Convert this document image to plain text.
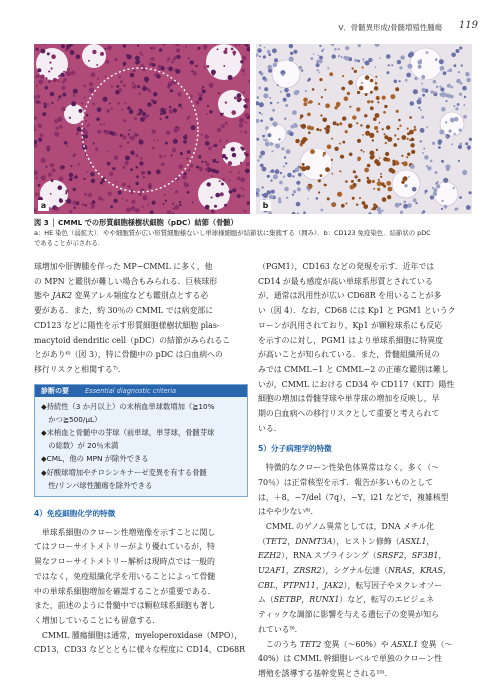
V．骨髄異形成/骨髄増殖性腫瘍 119
a	b
図 3 │ CMML での形質細胞様樹状細胞（pDC）結節（骨髄）
a：HE 染色（弱拡大）．やや細胞質が広い形質細胞様ないし単球様細胞が結節状に集簇する（囲み）．b：CD123 免疫染色．結節状の pDC
であることが示される．

球増加や肝脾腫を伴った MP−CMML に多く，他

の MPN と鑑別が難しい場合もみられる．巨核球形

態や JAK2 変異アレル頻度なども鑑別点とする必

要がある．また，約 30％の CMML では病変部に

CD123 などに陽性を示す形質細胞様樹状細胞 plas-

macytoid dendritic cell（pDC）の結節がみられるこ

とがあり⁶⁾（図 3），特に骨髄中の pDC は白血病への

移行リスクと相関する⁷⁾．

診断の要 Essential diagnostic criteria

◆持続性（3 か月以上）の末梢血単球数増加（≧10%

　かつ≧500/μL）

◆末梢血と骨髄中の芽球（前単球，単芽球，骨髄芽球

　の総数）が 20％未満

◆CML，他の MPN が除外できる

◆好酸球増加やチロシンキナーゼ変異を有する骨髄

　性/リンパ球性腫瘍を除外できる

4）免疫細胞化学的特徴

　単球系細胞のクローン性増殖像を示すことに関し

てはフローサイトメトリーがより優れているが，特

異なフローサイトメトリー解析は現時点では一般的

ではなく，免疫組織化学を用いることによって骨髄

中の単球系細胞増加を確認することが重要である．

また，前述のように骨髄中では顆粒球系細胞も著し

く増加していることにも留意する．

　CMML 腫瘍細胞は通常，myeloperoxidase（MPO），

CD13，CD33 などとともに様々な程度に CD14，CD68R

（PGM1），CD163 などの発現を示す．近年では

CD14 が最も感度が高い単球系形質とされている

が，通常は汎用性が広い CD68R を用いることが多

い（図 4）．なお，CD68 には Kp1 と PGM1 というク

ローンが汎用されており，Kp1 が顆粒球系にも反応

を示すのに対し，PGM1 はより単球系細胞に特異度

が高いことが知られている．また，骨髄組織所見の

みでは CMML−1 と CMML−2 の正確な鑑別は難し

いが，CMML における CD34 や CD117（KIT）陽性

細胞の増加は骨髄芽球や単芽球の増加を反映し，早

期の白血病への移行リスクとして重要と考えられて

いる．

5）分子病理学的特徴

　特徴的なクローン性染色体異常はなく，多く（〜

70％）は正常核型を示す．報告が多いものとして

は，＋8，−7/del（7q），−Y，i21 などで，複雑核型

はやや少ない⁸⁾．

　CMML のゲノム異常としては，DNA メチル化

（TET2，DNMT3A），ヒストン修飾（ASXL1，

EZH2），RNA スプライシング（SRSF2，SF3B1，

U2AF1，ZRSR2），シグナル伝達（NRAS，KRAS，

CBL，PTPN11，JAK2），転写因子やヌクレオソー

ム（SETBP，RUNX1）など，転写のエピジェネ

ティックな調節に影響を与える遺伝子の変異が知ら

れている⁹⁾．

　このうち TET2 変異（〜60%）や ASXL1 変異（〜

40%）は CMML 幹細胞レベルで単独のクローン性

増殖を誘導する基幹変異とされる¹⁰⁾．
